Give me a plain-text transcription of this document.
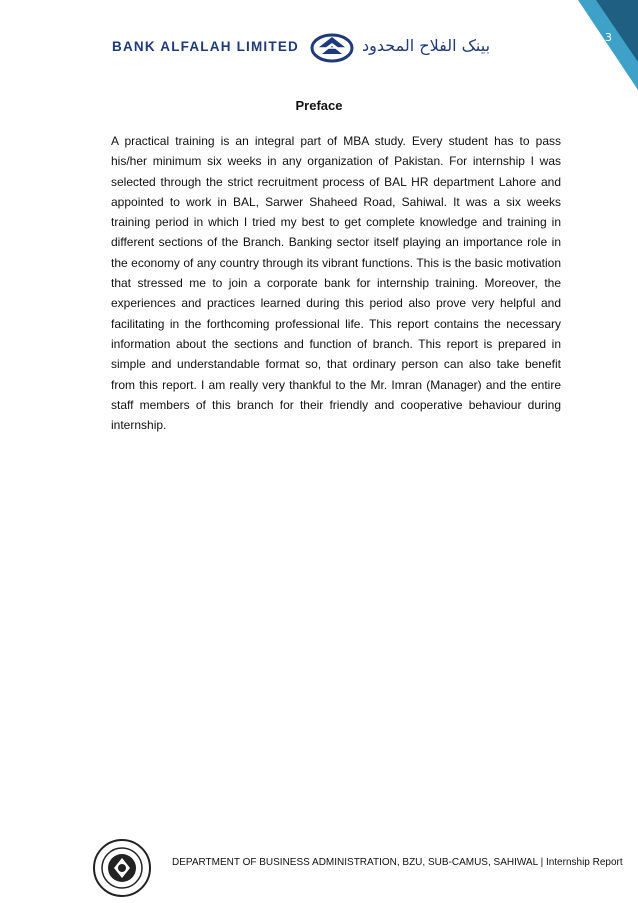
3
BANK ALFALAH LIMITED	بینک الفلاح المحدود
Preface
A practical training is an integral part of MBA study. Every student has to pass his/her minimum six weeks in any organization of Pakistan. For internship I was selected through the strict recruitment process of BAL HR department Lahore and appointed to work in BAL, Sarwer Shaheed Road, Sahiwal. It was a six weeks training period in which I tried my best to get complete knowledge and training in different sections of the Branch. Banking sector itself playing an importance role in the economy of any country through its vibrant functions. This is the basic motivation that stressed me to join a corporate bank for internship training. Moreover, the experiences and practices learned during this period also prove very helpful and facilitating in the forthcoming professional life. This report contains the necessary information about the sections and function of branch. This report is prepared in simple and understandable format so, that ordinary person can also take benefit from this report. I am really very thankful to the Mr. Imran (Manager) and the entire staff members of this branch for their friendly and cooperative behaviour during internship.
DEPARTMENT OF BUSINESS ADMINISTRATION, BZU, SUB-CAMUS, SAHIWAL | Internship Report
